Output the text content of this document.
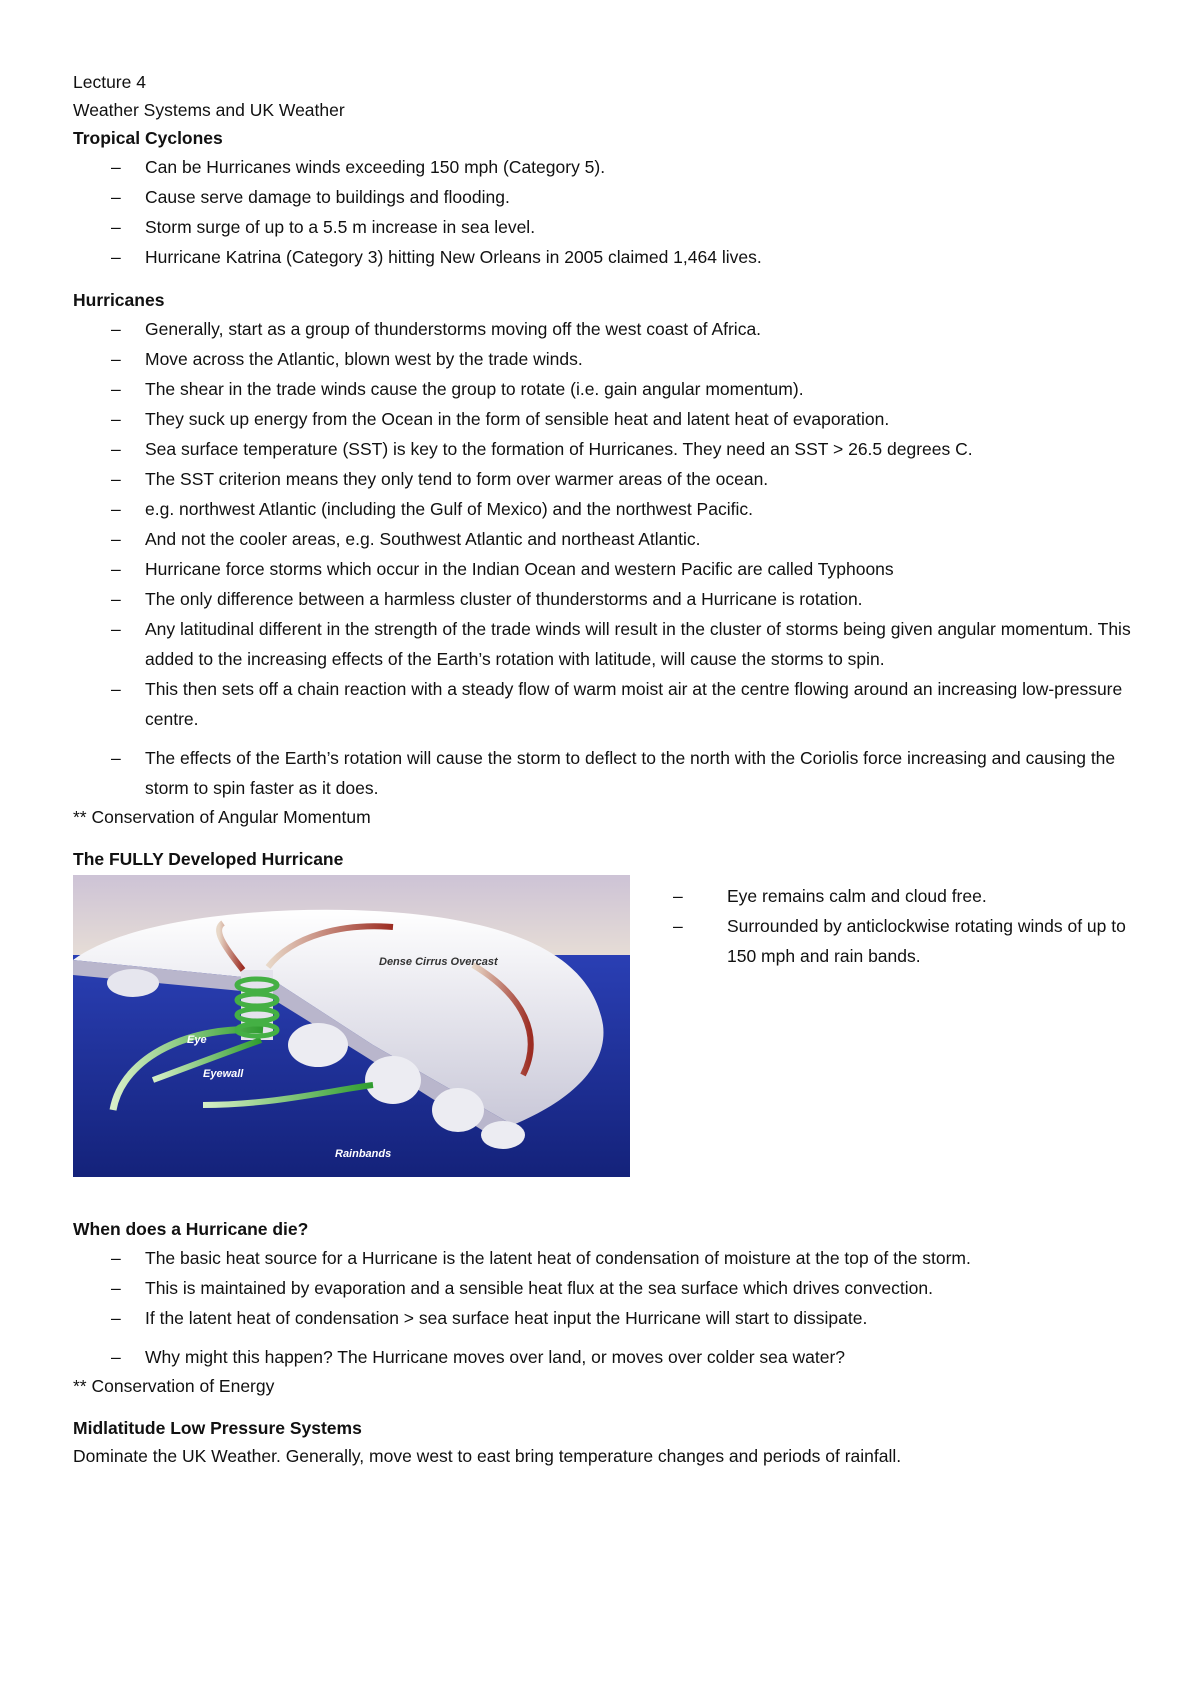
Lecture 4

Weather Systems and UK Weather

Tropical Cyclones

– Can be Hurricanes winds exceeding 150 mph (Category 5).
– Cause serve damage to buildings and flooding.
– Storm surge of up to a 5.5 m increase in sea level.
– Hurricane Katrina (Category 3) hitting New Orleans in 2005 claimed 1,464 lives.

Hurricanes

– Generally, start as a group of thunderstorms moving off the west coast of Africa.
– Move across the Atlantic, blown west by the trade winds.
– The shear in the trade winds cause the group to rotate (i.e. gain angular momentum).
– They suck up energy from the Ocean in the form of sensible heat and latent heat of evaporation.
– Sea surface temperature (SST) is key to the formation of Hurricanes. They need an SST > 26.5 degrees C.
– The SST criterion means they only tend to form over warmer areas of the ocean.
– e.g. northwest Atlantic (including the Gulf of Mexico) and the northwest Pacific.
– And not the cooler areas, e.g. Southwest Atlantic and northeast Atlantic.
– Hurricane force storms which occur in the Indian Ocean and western Pacific are called Typhoons
– The only difference between a harmless cluster of thunderstorms and a Hurricane is rotation.
– Any latitudinal different in the strength of the trade winds will result in the cluster of storms being given angular momentum. This added to the increasing effects of the Earth’s rotation with latitude, will cause the storms to spin.
– This then sets off a chain reaction with a steady flow of warm moist air at the centre flowing around an increasing low-pressure centre.
– The effects of the Earth’s rotation will cause the storm to deflect to the north with the Coriolis force increasing and causing the storm to spin faster as it does.

** Conservation of Angular Momentum

The FULLY Developed Hurricane

Dense Cirrus Overcast
Eye
Eyewall
Rainbands
–	Eye remains calm and cloud free.
–	Surrounded by anticlockwise rotating winds of up to 150 mph and rain bands.

When does a Hurricane die?

– The basic heat source for a Hurricane is the latent heat of condensation of moisture at the top of the storm.
– This is maintained by evaporation and a sensible heat flux at the sea surface which drives convection.
– If the latent heat of condensation > sea surface heat input the Hurricane will start to dissipate.
– Why might this happen? The Hurricane moves over land, or moves over colder sea water?

** Conservation of Energy

Midlatitude Low Pressure Systems

Dominate the UK Weather. Generally, move west to east bring temperature changes and periods of rainfall.
